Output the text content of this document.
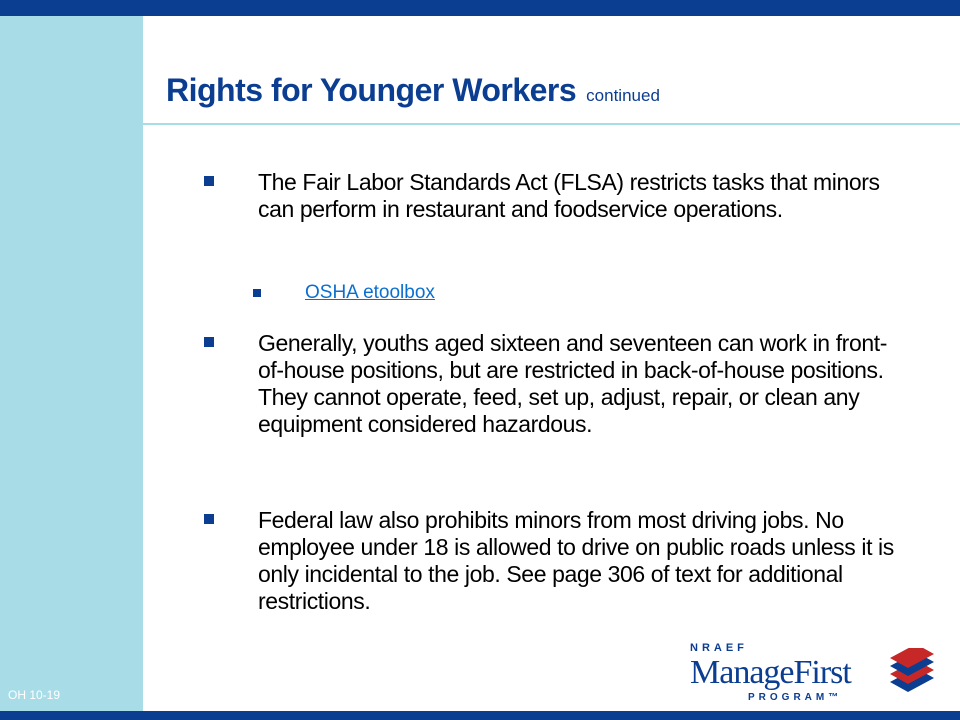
Rights for Younger Workers continued
The Fair Labor Standards Act (FLSA) restricts tasks that minors can perform in restaurant and foodservice operations.
OSHA etoolbox
Generally, youths aged sixteen and seventeen can work in front-of-house positions, but are restricted in back-of-house positions. They cannot operate, feed, set up, adjust, repair, or clean any equipment considered hazardous.
Federal law also prohibits minors from most driving jobs. No employee under 18 is allowed to drive on public roads unless it is only incidental to the job. See page 306 of text for additional restrictions.
OH 10-19
NRAEF
ManageFirst
PROGRAM™
